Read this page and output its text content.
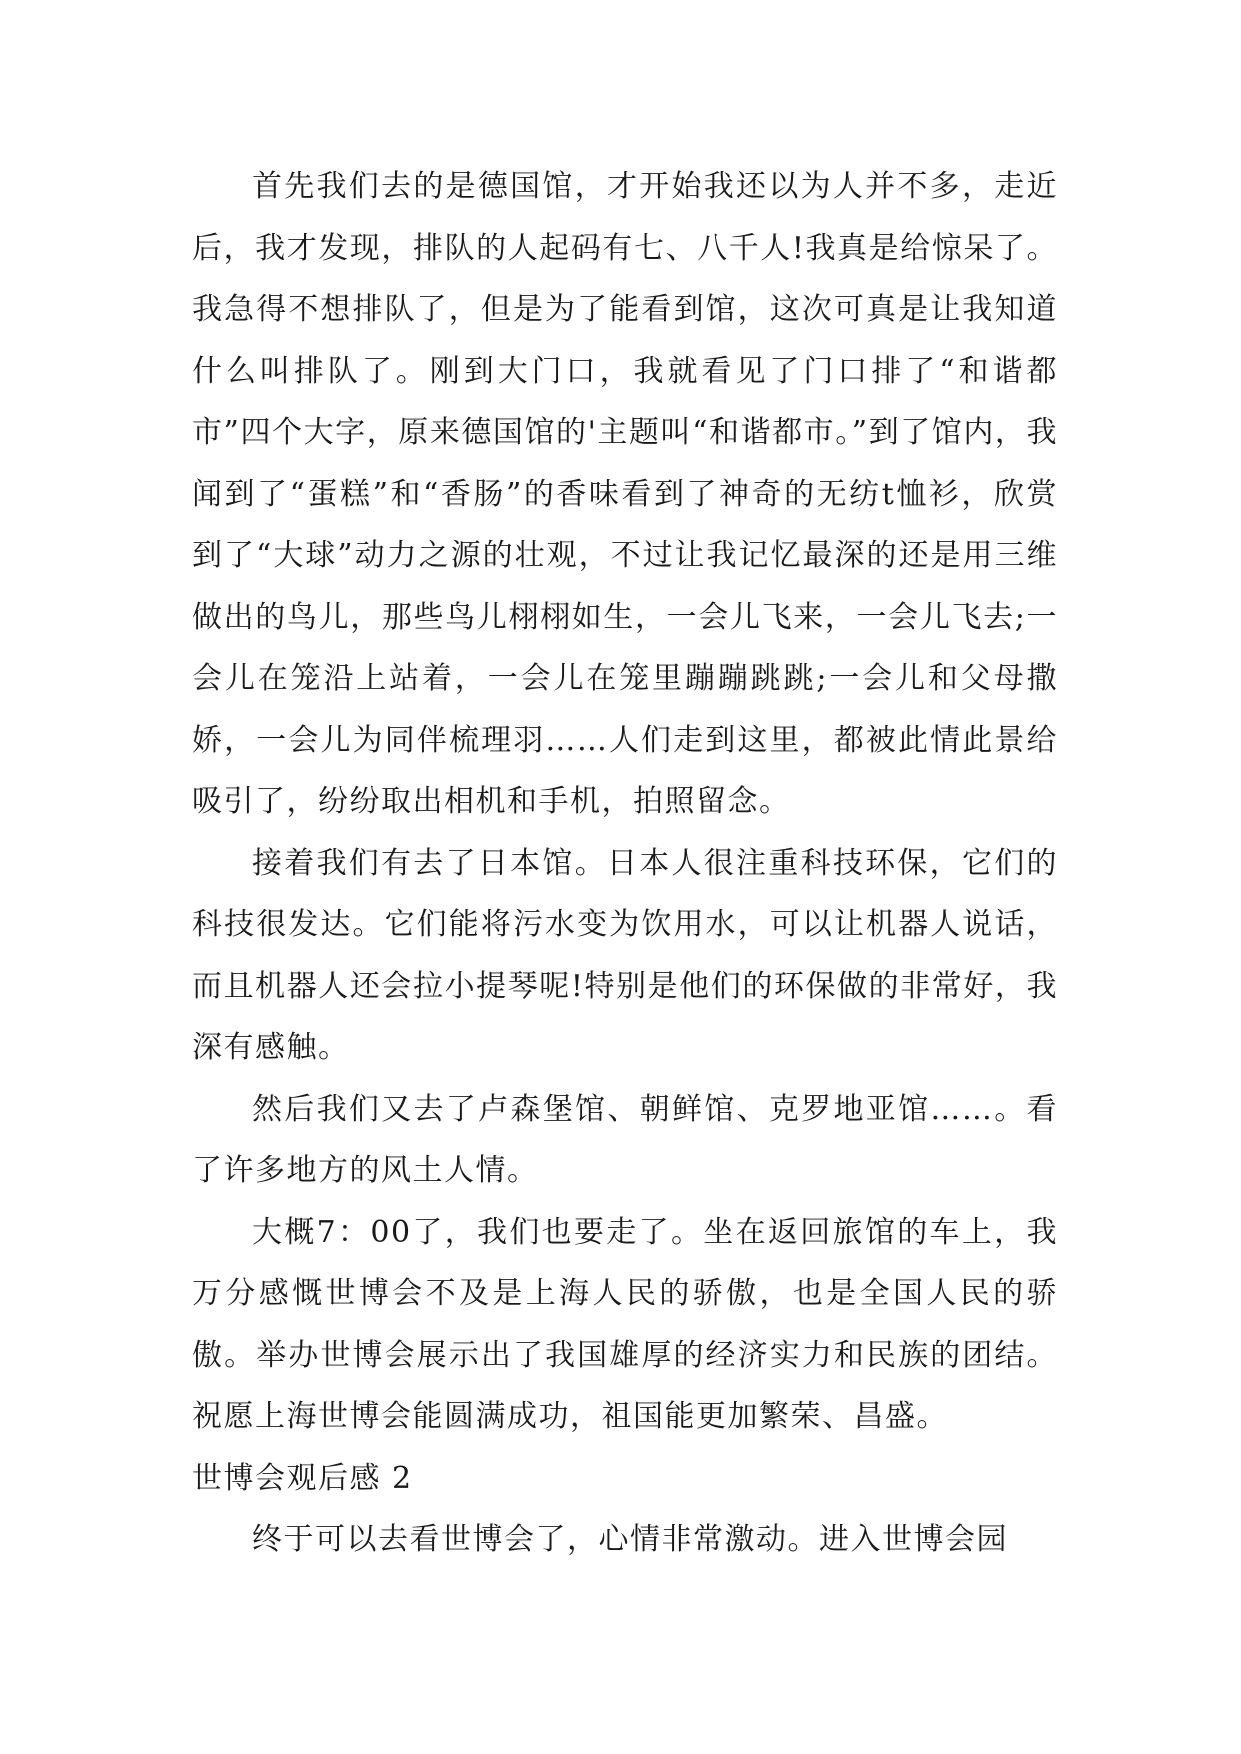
首先我们去的是德国馆，才开始我还以为人并不多，走近后，我才发现，排队的人起码有七、八千人!我真是给惊呆了。我急得不想排队了，但是为了能看到馆，这次可真是让我知道什么叫排队了。刚到大门口，我就看见了门口排了“和谐都市”四个大字，原来德国馆的'主题叫“和谐都市。”到了馆内，我闻到了“蛋糕”和“香肠”的香味看到了神奇的无纺t恤衫，欣赏到了“大球”动力之源的壮观，不过让我记忆最深的还是用三维做出的鸟儿，那些鸟儿栩栩如生，一会儿飞来，一会儿飞去;一会儿在笼沿上站着，一会儿在笼里蹦蹦跳跳;一会儿和父母撒娇，一会儿为同伴梳理羽……人们走到这里，都被此情此景给吸引了，纷纷取出相机和手机，拍照留念。

接着我们有去了日本馆。日本人很注重科技环保，它们的科技很发达。它们能将污水变为饮用水，可以让机器人说话，而且机器人还会拉小提琴呢!特别是他们的环保做的非常好，我深有感触。

然后我们又去了卢森堡馆、朝鲜馆、克罗地亚馆……。看了许多地方的风土人情。

大概7：00了，我们也要走了。坐在返回旅馆的车上，我万分感慨世博会不及是上海人民的骄傲，也是全国人民的骄傲。举办世博会展示出了我国雄厚的经济实力和民族的团结。祝愿上海世博会能圆满成功，祖国能更加繁荣、昌盛。

世博会观后感 2

终于可以去看世博会了，心情非常激动。进入世博会园
